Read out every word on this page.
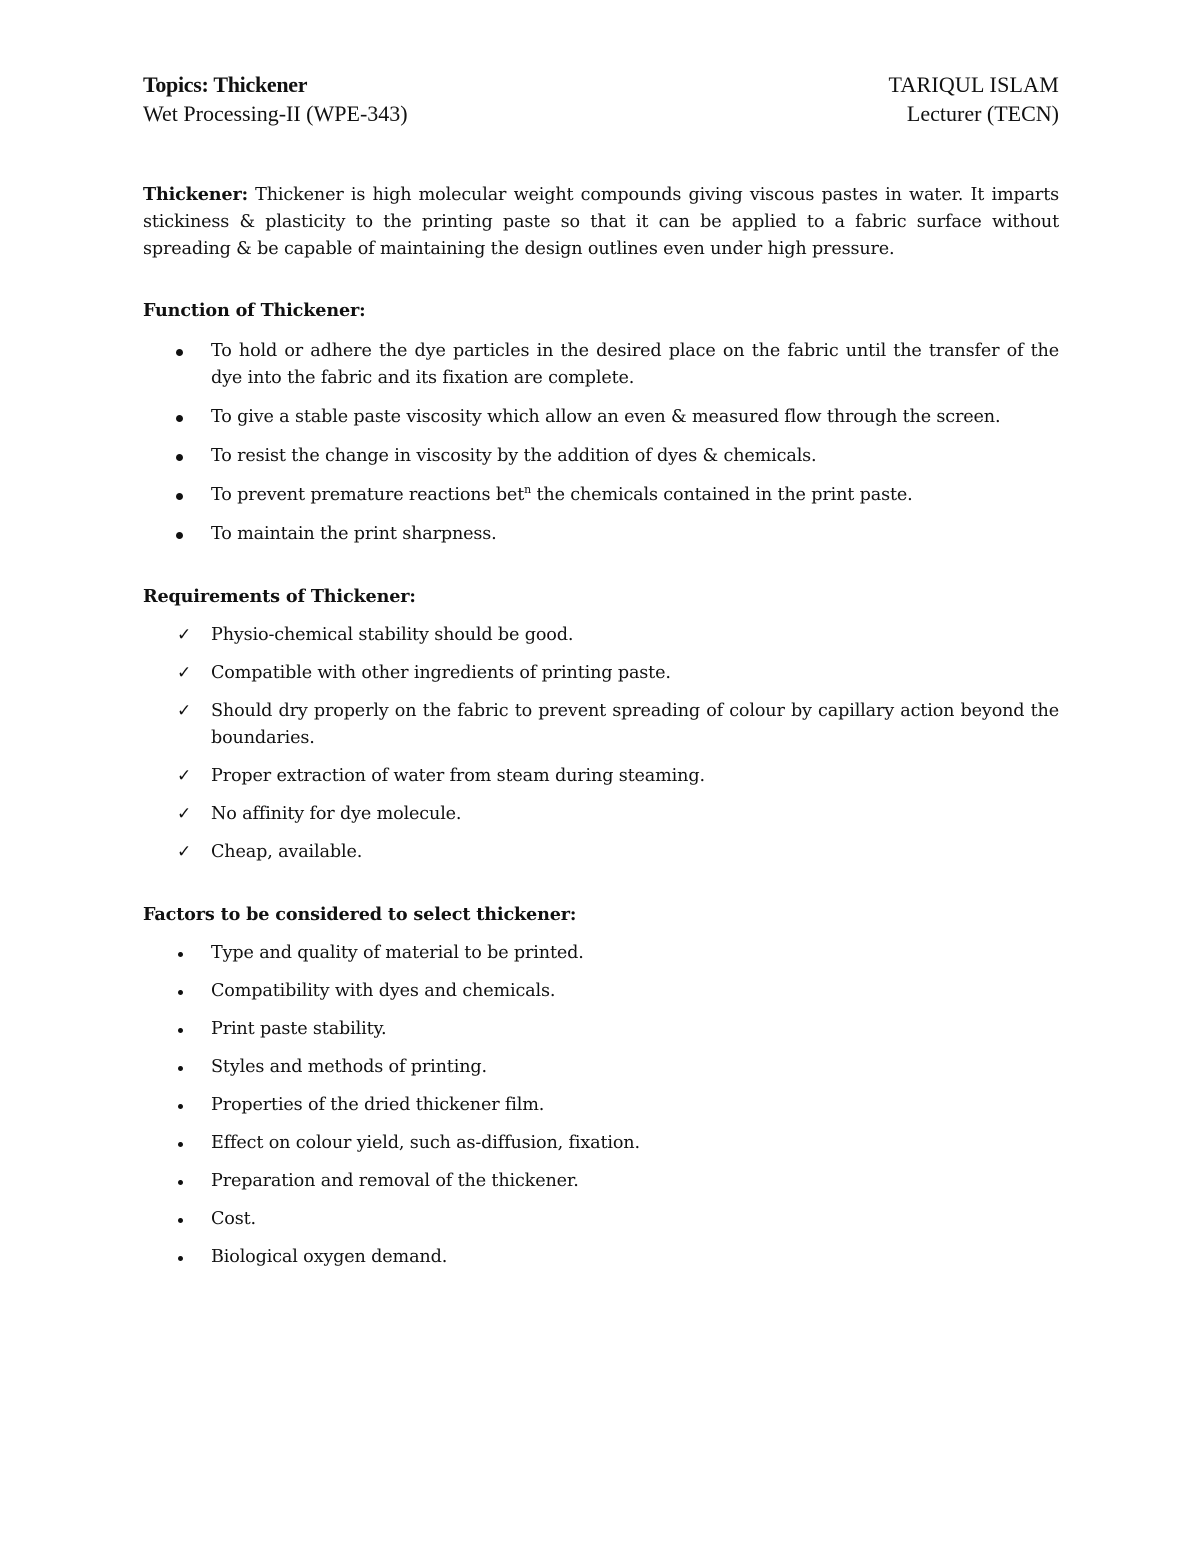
Topics: Thickener	TARIQUL ISLAM
Wet Processing-II (WPE-343)	Lecturer (TECN)

Thickener: Thickener is high molecular weight compounds giving viscous pastes in water. It imparts stickiness & plasticity to the printing paste so that it can be applied to a fabric surface without spreading & be capable of maintaining the design outlines even under high pressure.

Function of Thickener:

To hold or adhere the dye particles in the desired place on the fabric until the transfer of the dye into the fabric and its fixation are complete.
To give a stable paste viscosity which allow an even & measured flow through the screen.
To resist the change in viscosity by the addition of dyes & chemicals.
To prevent premature reactions bet$^n$ the chemicals contained in the print paste.
To maintain the print sharpness.

Requirements of Thickener:

✓	Physio-chemical stability should be good.
✓	Compatible with other ingredients of printing paste.
✓	Should dry properly on the fabric to prevent spreading of colour by capillary action beyond the boundaries.
✓	Proper extraction of water from steam during steaming.
✓	No affinity for dye molecule.
✓	Cheap, available.

Factors to be considered to select thickener:

Type and quality of material to be printed.
Compatibility with dyes and chemicals.
Print paste stability.
Styles and methods of printing.
Properties of the dried thickener film.
Effect on colour yield, such as-diffusion, fixation.
Preparation and removal of the thickener.
Cost.
Biological oxygen demand.
